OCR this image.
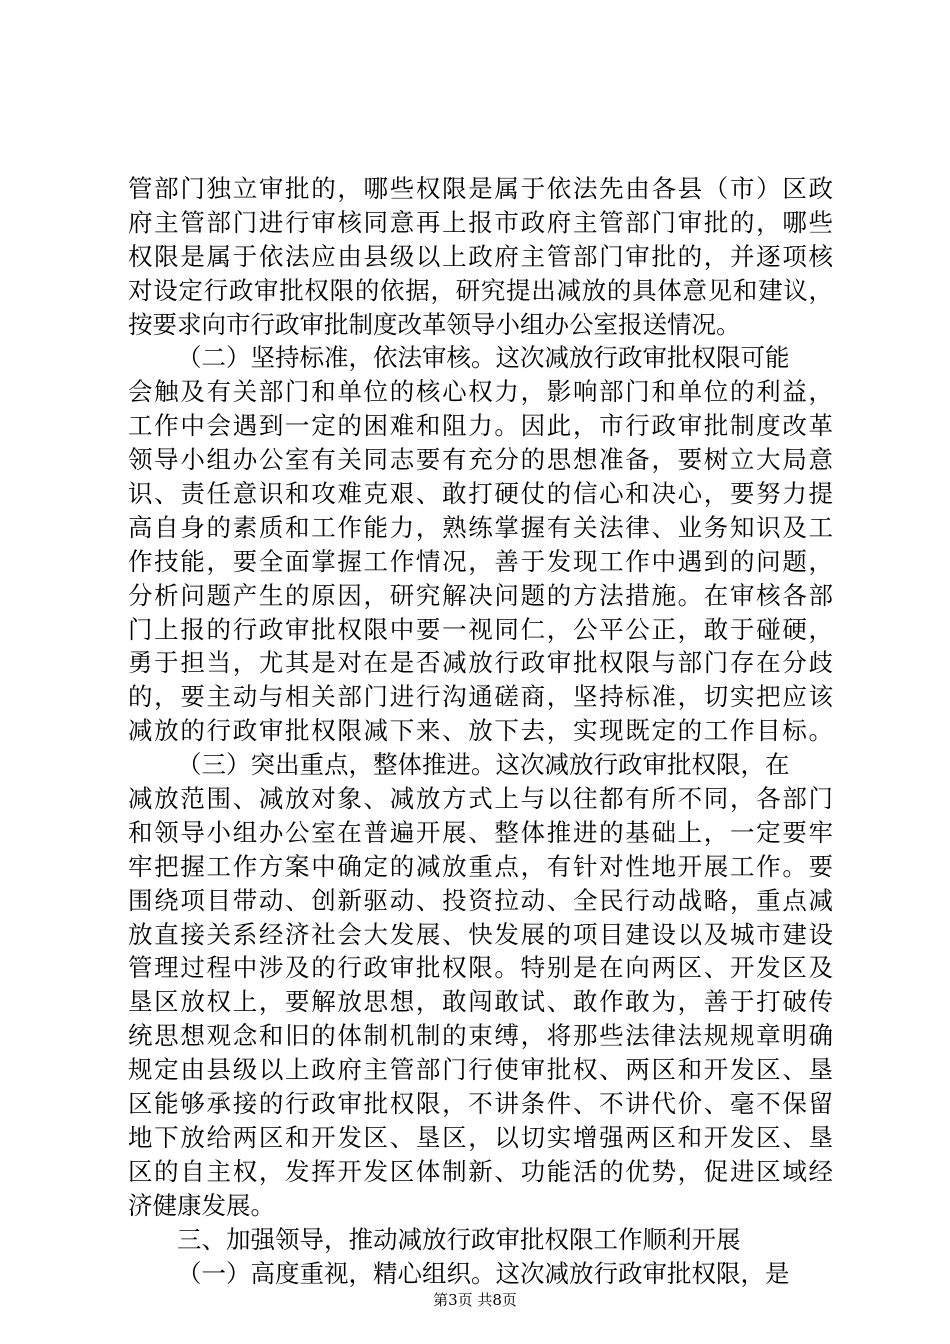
管部门独立审批的，哪些权限是属于依法先由各县（市）区政
府主管部门进行审核同意再上报市政府主管部门审批的，哪些
权限是属于依法应由县级以上政府主管部门审批的，并逐项核
对设定行政审批权限的依据，研究提出减放的具体意见和建议，
按要求向市行政审批制度改革领导小组办公室报送情况。
（二）坚持标准，依法审核。这次减放行政审批权限可能
会触及有关部门和单位的核心权力，影响部门和单位的利益，
工作中会遇到一定的困难和阻力。因此，市行政审批制度改革
领导小组办公室有关同志要有充分的思想准备，要树立大局意
识、责任意识和攻难克艰、敢打硬仗的信心和决心，要努力提
高自身的素质和工作能力，熟练掌握有关法律、业务知识及工
作技能，要全面掌握工作情况，善于发现工作中遇到的问题，
分析问题产生的原因，研究解决问题的方法措施。在审核各部
门上报的行政审批权限中要一视同仁，公平公正，敢于碰硬，
勇于担当，尤其是对在是否减放行政审批权限与部门存在分歧
的，要主动与相关部门进行沟通磋商，坚持标准，切实把应该
减放的行政审批权限减下来、放下去，实现既定的工作目标。
（三）突出重点，整体推进。这次减放行政审批权限，在
减放范围、减放对象、减放方式上与以往都有所不同，各部门
和领导小组办公室在普遍开展、整体推进的基础上，一定要牢
牢把握工作方案中确定的减放重点，有针对性地开展工作。要
围绕项目带动、创新驱动、投资拉动、全民行动战略，重点减
放直接关系经济社会大发展、快发展的项目建设以及城市建设
管理过程中涉及的行政审批权限。特别是在向两区、开发区及
垦区放权上，要解放思想，敢闯敢试、敢作敢为，善于打破传
统思想观念和旧的体制机制的束缚，将那些法律法规规章明确
规定由县级以上政府主管部门行使审批权、两区和开发区、垦
区能够承接的行政审批权限，不讲条件、不讲代价、毫不保留
地下放给两区和开发区、垦区，以切实增强两区和开发区、垦
区的自主权，发挥开发区体制新、功能活的优势，促进区域经
济健康发展。
三、加强领导，推动减放行政审批权限工作顺利开展
（一）高度重视，精心组织。这次减放行政审批权限，是
第3页 共8页
